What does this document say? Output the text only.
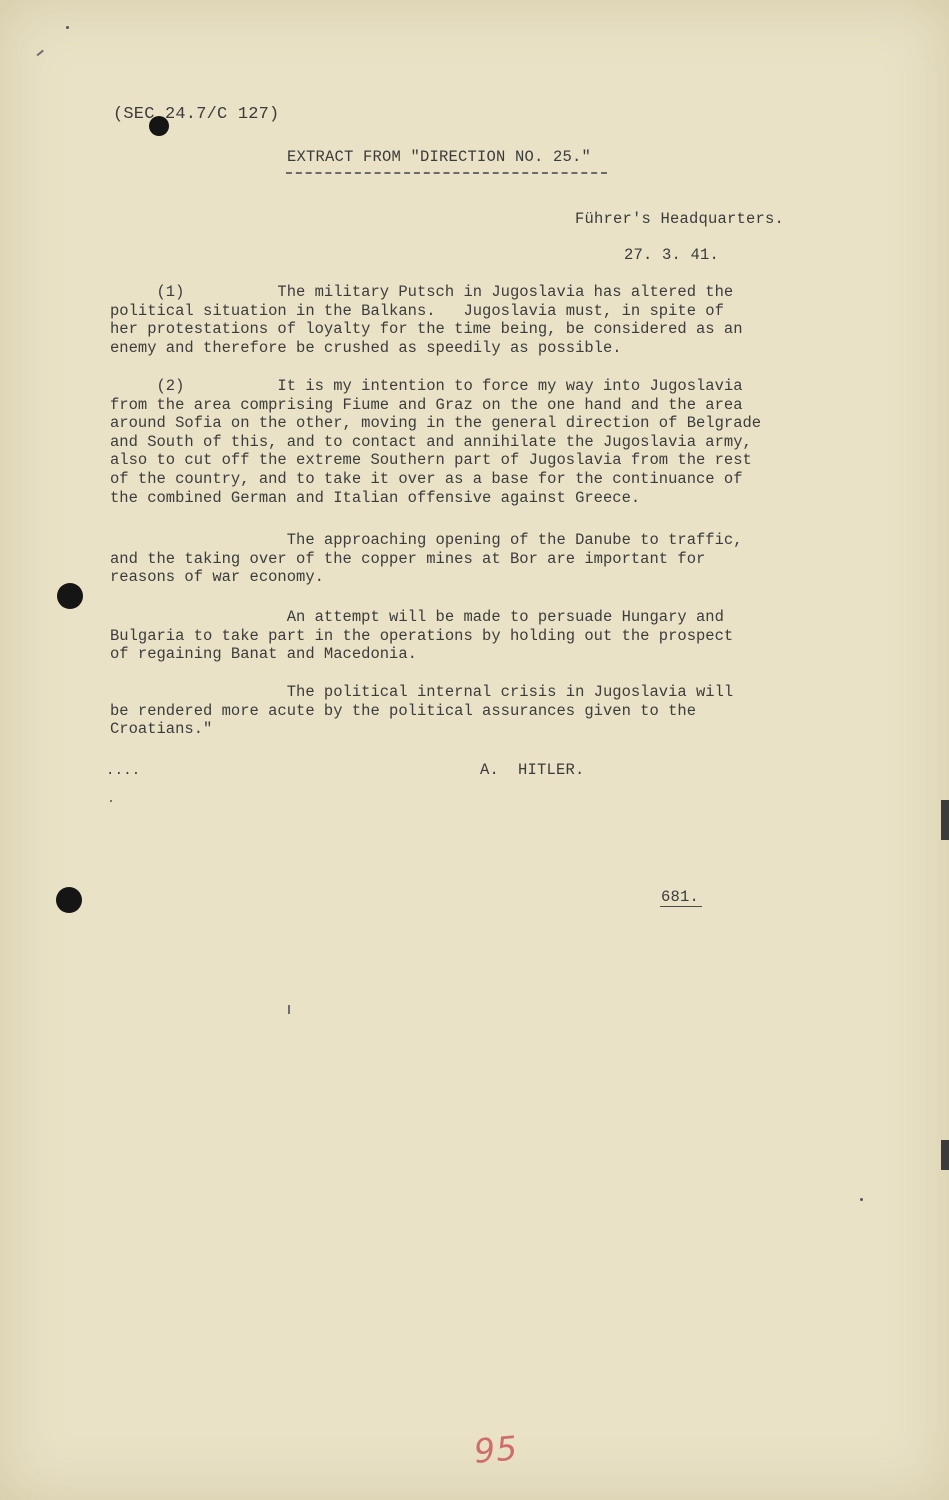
(SEC 24.7/C 127)
EXTRACT FROM "DIRECTION NO. 25."
Führer's Headquarters.
27. 3. 41.
(1)          The military Putsch in Jugoslavia has altered the
political situation in the Balkans.   Jugoslavia must, in spite of
her protestations of loyalty for the time being, be considered as an
enemy and therefore be crushed as speedily as possible.
(2)          It is my intention to force my way into Jugoslavia
from the area comprising Fiume and Graz on the one hand and the area
around Sofia on the other, moving in the general direction of Belgrade
and South of this, and to contact and annihilate the Jugoslavia army,
also to cut off the extreme Southern part of Jugoslavia from the rest
of the country, and to take it over as a base for the continuance of
the combined German and Italian offensive against Greece.
The approaching opening of the Danube to traffic,
and the taking over of the copper mines at Bor are important for
reasons of war economy.
An attempt will be made to persuade Hungary and
Bulgaria to take part in the operations by holding out the prospect
of regaining Banat and Macedonia.
The political internal crisis in Jugoslavia will
be rendered more acute by the political assurances given to the
Croatians."
....	A.  HITLER.
681.
95
